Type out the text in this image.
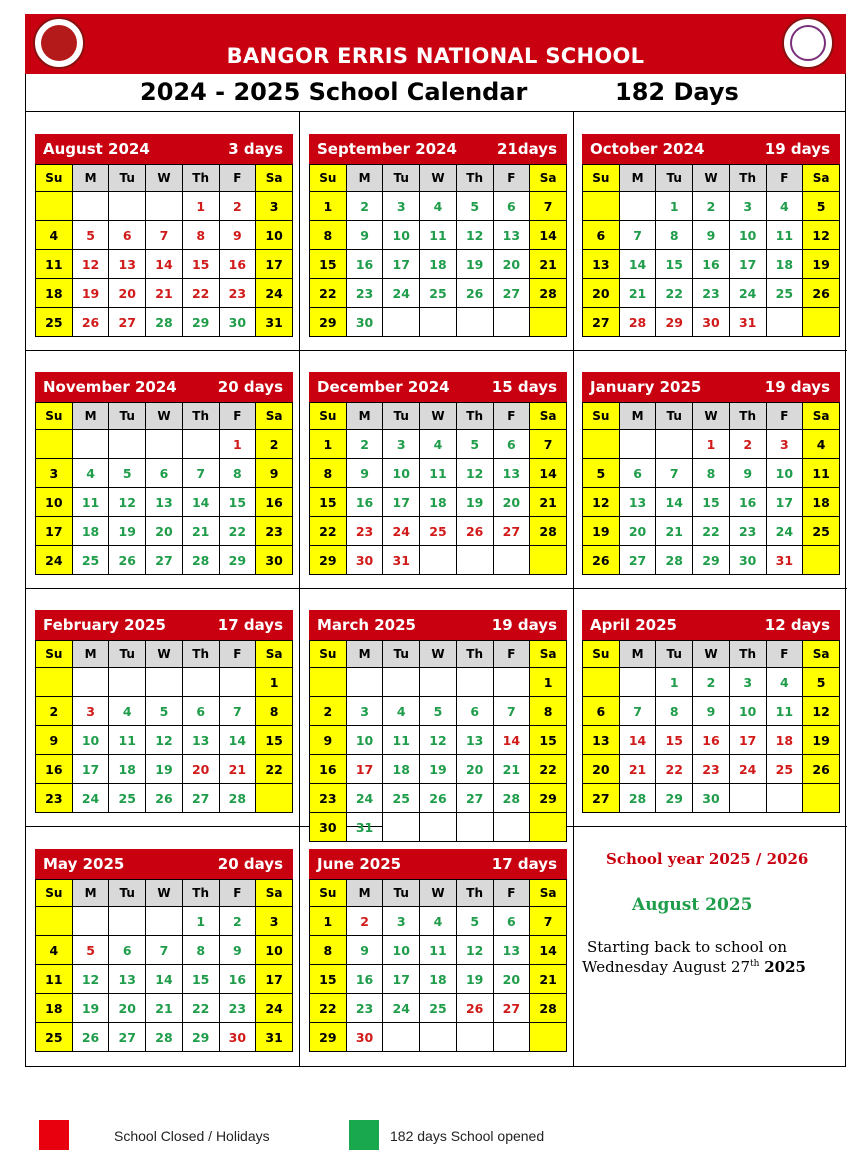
BANGOR ERRIS NATIONAL SCHOOL
2024 - 2025 School Calendar	182 Days
August 2024	3 days
Su	M	Tu	W	Th	F	Sa
				1	2	3
4	5	6	7	8	9	10
11	12	13	14	15	16	17
18	19	20	21	22	23	24
25	26	27	28	29	30	31
September 2024	21days
Su	M	Tu	W	Th	F	Sa
1	2	3	4	5	6	7
8	9	10	11	12	13	14
15	16	17	18	19	20	21
22	23	24	25	26	27	28
29	30					
October 2024	19 days
Su	M	Tu	W	Th	F	Sa
		1	2	3	4	5
6	7	8	9	10	11	12
13	14	15	16	17	18	19
20	21	22	23	24	25	26
27	28	29	30	31		
November 2024	20 days
Su	M	Tu	W	Th	F	Sa
					1	2
3	4	5	6	7	8	9
10	11	12	13	14	15	16
17	18	19	20	21	22	23
24	25	26	27	28	29	30
December 2024	15 days
Su	M	Tu	W	Th	F	Sa
1	2	3	4	5	6	7
8	9	10	11	12	13	14
15	16	17	18	19	20	21
22	23	24	25	26	27	28
29	30	31				
January 2025	19 days
Su	M	Tu	W	Th	F	Sa
			1	2	3	4
5	6	7	8	9	10	11
12	13	14	15	16	17	18
19	20	21	22	23	24	25
26	27	28	29	30	31	
February 2025	17 days
Su	M	Tu	W	Th	F	Sa
						1
2	3	4	5	6	7	8
9	10	11	12	13	14	15
16	17	18	19	20	21	22
23	24	25	26	27	28	
March 2025	19 days
Su	M	Tu	W	Th	F	Sa
						1
2	3	4	5	6	7	8
9	10	11	12	13	14	15
16	17	18	19	20	21	22
23	24	25	26	27	28	29
30	31					
April 2025	12 days
Su	M	Tu	W	Th	F	Sa
		1	2	3	4	5
6	7	8	9	10	11	12
13	14	15	16	17	18	19
20	21	22	23	24	25	26
27	28	29	30			
May 2025	20 days
Su	M	Tu	W	Th	F	Sa
				1	2	3
4	5	6	7	8	9	10
11	12	13	14	15	16	17
18	19	20	21	22	23	24
25	26	27	28	29	30	31
June 2025	17 days
Su	M	Tu	W	Th	F	Sa
1	2	3	4	5	6	7
8	9	10	11	12	13	14
15	16	17	18	19	20	21
22	23	24	25	26	27	28
29	30					
School year 2025 / 2026
August 2025
Starting back to school on
Wednesday August 27th 2025
School Closed / Holidays	182 days School opened
